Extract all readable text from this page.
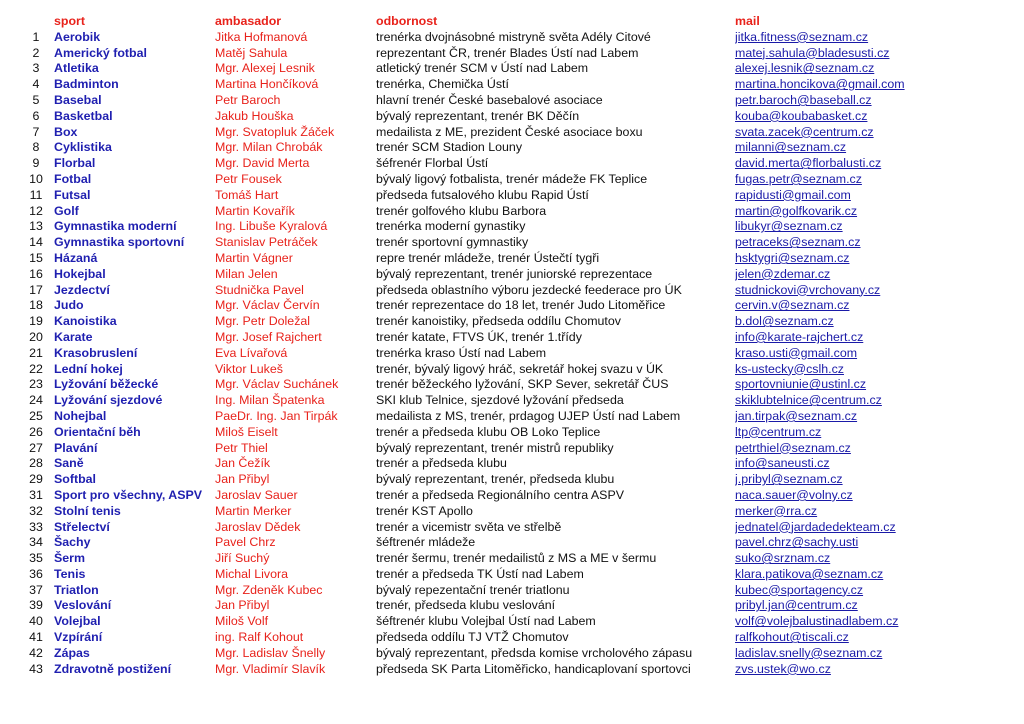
	sport	ambasador	odbornost	mail
1	Aerobik	Jitka Hofmanová	trenérka dvojnásobné mistryně světa Adély Citové	jitka.fitness@seznam.cz
2	Americký fotbal	Matěj Sahula	reprezentant ČR, trenér Blades Ústí nad Labem	matej.sahula@bladesusti.cz
3	Atletika	Mgr. Alexej Lesnik	atletický trenér SCM v Ústí nad Labem	alexej.lesnik@seznam.cz
4	Badminton	Martina Hončíková	trenérka, Chemička Ústí	martina.honcikova@gmail.com
5	Basebal	Petr Baroch	hlavní trenér České basebalové asociace	petr.baroch@baseball.cz
6	Basketbal	Jakub Houška	bývalý reprezentant, trenér BK Děčín	kouba@koubabasket.cz
7	Box	Mgr. Svatopluk Žáček	medailista z ME, prezident České asociace boxu	svata.zacek@centrum.cz
8	Cyklistika	Mgr. Milan Chrobák	trenér SCM Stadion Louny	milanni@seznam.cz
9	Florbal	Mgr. David Merta	šéfrenér Florbal Ústí	david.merta@florbalusti.cz
10	Fotbal	Petr Fousek	bývalý ligový fotbalista, trenér mádeže FK Teplice	fugas.petr@seznam.cz
11	Futsal	Tomáš Hart	předseda futsalového klubu Rapid Ústí	rapidusti@gmail.com
12	Golf	Martin Kovařík	trenér golfového klubu Barbora	martin@golfkovarik.cz
13	Gymnastika moderní	Ing. Libuše Kyralová	trenérka moderní gynastiky	libukyr@seznam.cz
14	Gymnastika sportovní	Stanislav Petráček	trenér sportovní gymnastiky	petraceks@seznam.cz
15	Házaná	Martin Vágner	repre trenér mládeže, trenér Ústečtí tygři	hsktygri@seznam.cz
16	Hokejbal	Milan Jelen	bývalý reprezentant, trenér juniorské reprezentace	jelen@zdemar.cz
17	Jezdectví	Studnička Pavel	předseda oblastního výboru jezdecké feederace pro ÚK	studnickovi@vrchovany.cz
18	Judo	Mgr. Václav Červín	trenér reprezentace do 18 let, trenér Judo Litoměřice	cervin.v@seznam.cz
19	Kanoistika	Mgr. Petr Doležal	trenér kanoistiky, předseda oddílu Chomutov	b.dol@seznam.cz
20	Karate	Mgr. Josef Rajchert	trenér katate, FTVS ÚK, trenér 1.třídy	info@karate-rajchert.cz
21	Krasobruslení	Eva Lívařová	trenérka kraso Ústí nad Labem	kraso.usti@gmail.com
22	Lední hokej	Viktor Lukeš	trenér, bývalý ligový hráč, sekretář hokej svazu v ÚK	ks-ustecky@cslh.cz
23	Lyžování běžecké	Mgr. Václav Suchánek	trenér běžeckého lyžování, SKP Sever, sekretář ČUS	sportovniunie@ustinl.cz
24	Lyžování sjezdové	Ing. Milan Špatenka	SKI klub Telnice, sjezdové lyžování předseda	skiklubtelnice@centrum.cz
25	Nohejbal	PaeDr. Ing. Jan Tirpák	medailista z MS, trenér, prdagog UJEP Ústí nad Labem	jan.tirpak@seznam.cz
26	Orientační běh	Miloš Eiselt	trenér a předseda klubu OB Loko Teplice	ltp@centrum.cz
27	Plavání	Petr Thiel	bývalý reprezentant, trenér mistrů republiky	petrthiel@seznam.cz
28	Saně	Jan Čežík	trenér a předseda klubu	info@saneusti.cz
29	Softbal	Jan Přibyl	bývalý reprezentant, trenér, předseda klubu	j.pribyl@seznam.cz
31	Sport pro všechny, ASPV	Jaroslav Sauer	trenér a předseda Regionálního centra ASPV	naca.sauer@volny.cz
32	Stolní tenis	Martin Merker	trenér KST Apollo	merker@rra.cz
33	Střelectví	Jaroslav Dědek	trenér a vicemistr světa ve střelbě	jednatel@jardadedekteam.cz
34	Šachy	Pavel Chrz	šéftrenér mládeže	pavel.chrz@sachy.usti
35	Šerm	Jiří Suchý	trenér šermu, trenér medailistů z MS a ME v šermu	suko@srznam.cz
36	Tenis	Michal Livora	trenér a předseda TK Ústí nad Labem	klara.patikova@seznam.cz
37	Triatlon	Mgr. Zdeněk Kubec	bývalý repezentační trenér triatlonu	kubec@sportagency.cz
39	Veslování	Jan Přibyl	trenér, předseda klubu veslování	pribyl.jan@centrum.cz
40	Volejbal	Miloš Volf	šéftrenér klubu Volejbal Ústí nad Labem	volf@volejbalustinadlabem.cz
41	Vzpírání	ing. Ralf Kohout	předseda oddílu TJ VTŽ Chomutov	ralfkohout@tiscali.cz
42	Zápas	Mgr. Ladislav Šnelly	bývalý reprezentant, předsda komise vrcholového zápasu	ladislav.snelly@seznam.cz
43	Zdravotně postižení	Mgr. Vladimír Slavík	předseda SK Parta Litoměřicko, handicaplovaní sportovci	zvs.ustek@wo.cz
